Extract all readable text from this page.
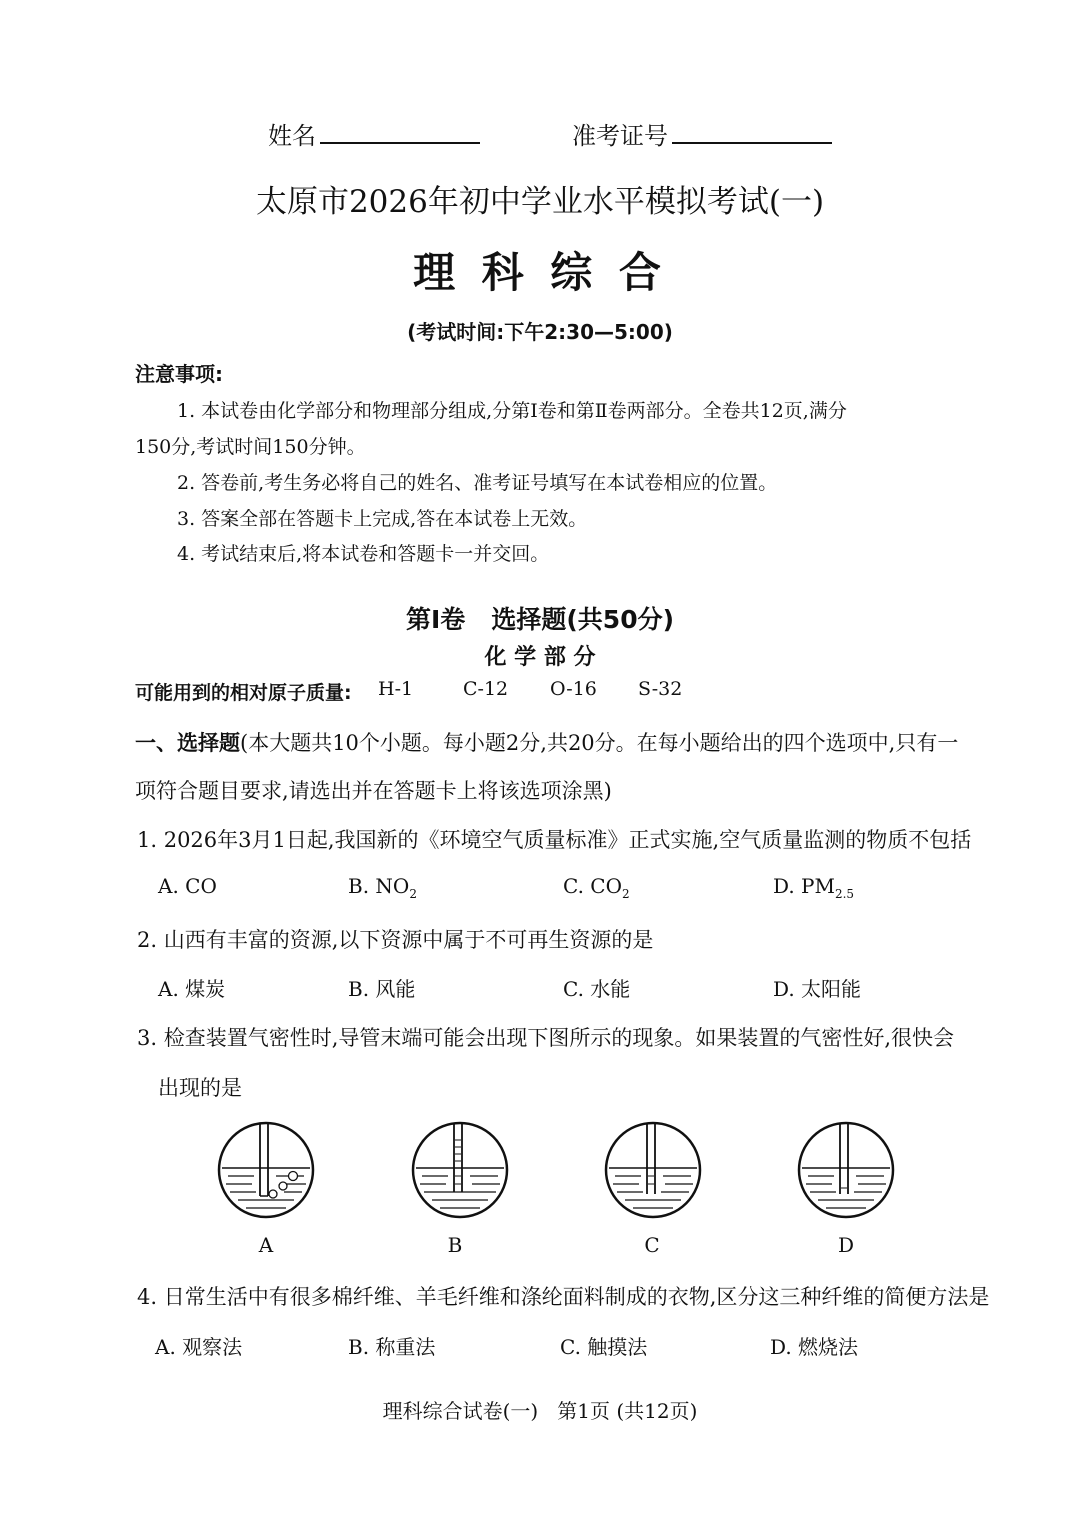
姓名	准考证号
太原市2026年初中学业水平模拟考试(一)
理 科 综 合
(考试时间:下午2:30—5:00)
注意事项:
1. 本试卷由化学部分和物理部分组成,分第Ⅰ卷和第Ⅱ卷两部分。全卷共12页,满分
150分,考试时间150分钟。
2. 答卷前,考生务必将自己的姓名、准考证号填写在本试卷相应的位置。
3. 答案全部在答题卡上完成,答在本试卷上无效。
4. 考试结束后,将本试卷和答题卡一并交回。
第Ⅰ卷   选择题(共50分)
化 学 部 分
可能用到的相对原子质量: H-1	C-12 O-16 S-32
一、选择题(本大题共10个小题。每小题2分,共20分。在每小题给出的四个选项中,只有一
项符合题目要求,请选出并在答题卡上将该选项涂黑)
1. 2026年3月1日起,我国新的《环境空气质量标准》正式实施,空气质量监测的物质不包括
A. CO	B. $NO_2$	C. $CO_2$	D. $PM_{2.5}$
2. 山西有丰富的资源,以下资源中属于不可再生资源的是
A. 煤炭	B. 风能	C. 水能	D. 太阳能
3. 检查装置气密性时,导管末端可能会出现下图所示的现象。如果装置的气密性好,很快会
出现的是
A	B	C	D
4. 日常生活中有很多棉纤维、羊毛纤维和涤纶面料制成的衣物,区分这三种纤维的简便方法是
A. 观察法	B. 称重法	C. 触摸法	D. 燃烧法
理科综合试卷(一)   第1页 (共12页)
